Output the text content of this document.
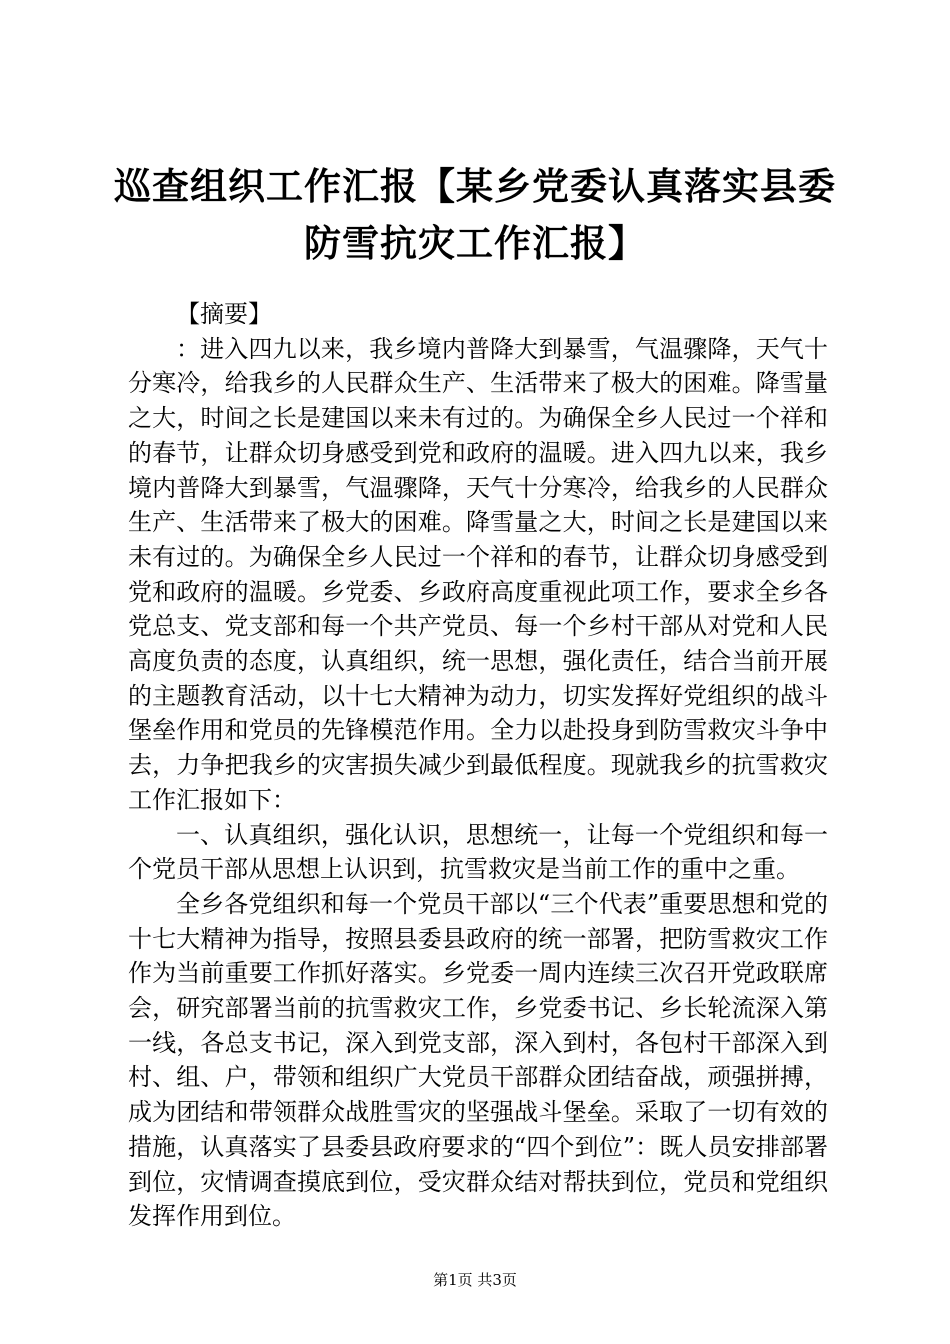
巡查组织工作汇报【某乡党委认真落实县委防雪抗灾工作汇报】

【摘要】

：进入四九以来，我乡境内普降大到暴雪，气温骤降，天气十分寒冷，给我乡的人民群众生产、生活带来了极大的困难。降雪量之大，时间之长是建国以来未有过的。为确保全乡人民过一个祥和的春节，让群众切身感受到党和政府的温暖。进入四九以来，我乡境内普降大到暴雪，气温骤降，天气十分寒冷，给我乡的人民群众生产、生活带来了极大的困难。降雪量之大，时间之长是建国以来未有过的。为确保全乡人民过一个祥和的春节，让群众切身感受到党和政府的温暖。乡党委、乡政府高度重视此项工作，要求全乡各党总支、党支部和每一个共产党员、每一个乡村干部从对党和人民高度负责的态度，认真组织，统一思想，强化责任，结合当前开展的主题教育活动，以十七大精神为动力，切实发挥好党组织的战斗堡垒作用和党员的先锋模范作用。全力以赴投身到防雪救灾斗争中去，力争把我乡的灾害损失减少到最低程度。现就我乡的抗雪救灾工作汇报如下：

一、认真组织，强化认识，思想统一，让每一个党组织和每一个党员干部从思想上认识到，抗雪救灾是当前工作的重中之重。

全乡各党组织和每一个党员干部以“三个代表”重要思想和党的十七大精神为指导，按照县委县政府的统一部署，把防雪救灾工作作为当前重要工作抓好落实。乡党委一周内连续三次召开党政联席会，研究部署当前的抗雪救灾工作，乡党委书记、乡长轮流深入第一线，各总支书记，深入到党支部，深入到村，各包村干部深入到村、组、户，带领和组织广大党员干部群众团结奋战，顽强拼搏，成为团结和带领群众战胜雪灾的坚强战斗堡垒。采取了一切有效的措施，认真落实了县委县政府要求的“四个到位”：既人员安排部署到位，灾情调查摸底到位，受灾群众结对帮扶到位，党员和党组织发挥作用到位。

第1页 共3页
